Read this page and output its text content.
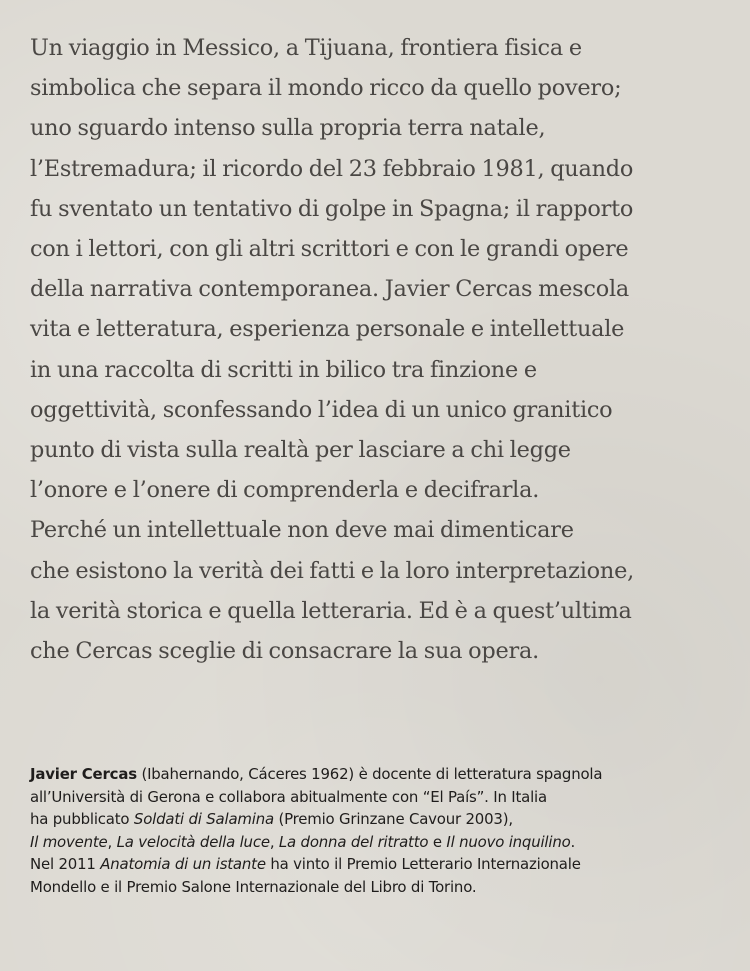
Un viaggio in Messico, a Tijuana, frontiera fisica e
simbolica che separa il mondo ricco da quello povero;
uno sguardo intenso sulla propria terra natale,
l’Estremadura; il ricordo del 23 febbraio 1981, quando
fu sventato un tentativo di golpe in Spagna; il rapporto
con i lettori, con gli altri scrittori e con le grandi opere
della narrativa contemporanea. Javier Cercas mescola
vita e letteratura, esperienza personale e intellettuale
in una raccolta di scritti in bilico tra finzione e
oggettività, sconfessando l’idea di un unico granitico
punto di vista sulla realtà per lasciare a chi legge
l’onore e l’onere di comprenderla e decifrarla.
Perché un intellettuale non deve mai dimenticare
che esistono la verità dei fatti e la loro interpretazione,
la verità storica e quella letteraria. Ed è a quest’ultima
che Cercas sceglie di consacrare la sua opera.
Javier Cercas (Ibahernando, Cáceres 1962) è docente di letteratura spagnola
all’Università di Gerona e collabora abitualmente con “El País”. In Italia
ha pubblicato Soldati di Salamina (Premio Grinzane Cavour 2003),
Il movente, La velocità della luce, La donna del ritratto e Il nuovo inquilino.
Nel 2011 Anatomia di un istante ha vinto il Premio Letterario Internazionale
Mondello e il Premio Salone Internazionale del Libro di Torino.
